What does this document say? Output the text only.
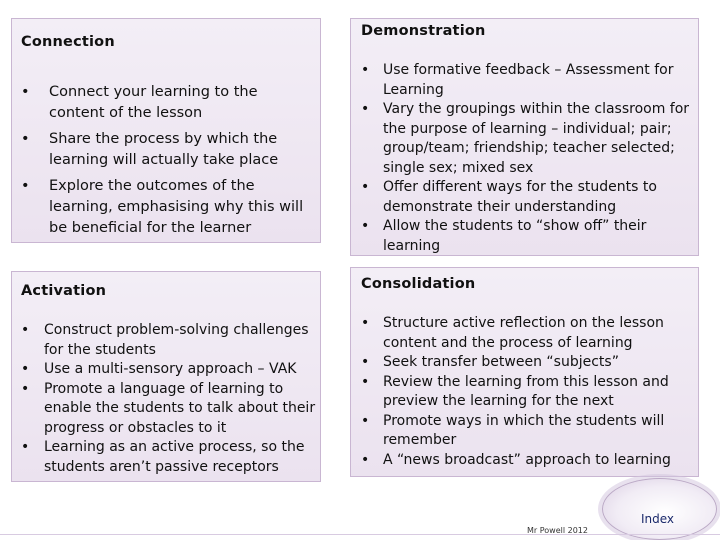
Connection
• Connect your learning to the content of the lesson
• Share the process by which the learning will actually take place
• Explore the outcomes of the learning, emphasising why this will be beneficial for the learner
Demonstration
• Use formative feedback – Assessment for Learning
• Vary the groupings within the classroom for the purpose of learning – individual; pair; group/team; friendship; teacher selected; single sex; mixed sex
• Offer different ways for the students to demonstrate their understanding
• Allow the students to “show off” their learning
Activation
• Construct problem-solving challenges for the students
• Use a multi-sensory approach – VAK
• Promote a language of learning to enable the students to talk about their progress or obstacles to it
• Learning as an active process, so the students aren’t passive receptors
Consolidation
• Structure active reflection on the lesson content and the process of learning
• Seek transfer between “subjects”
• Review the learning from this lesson and preview the learning for the next
• Promote ways in which the students will remember
• A “news broadcast” approach to learning
Mr Powell 2012
Index
